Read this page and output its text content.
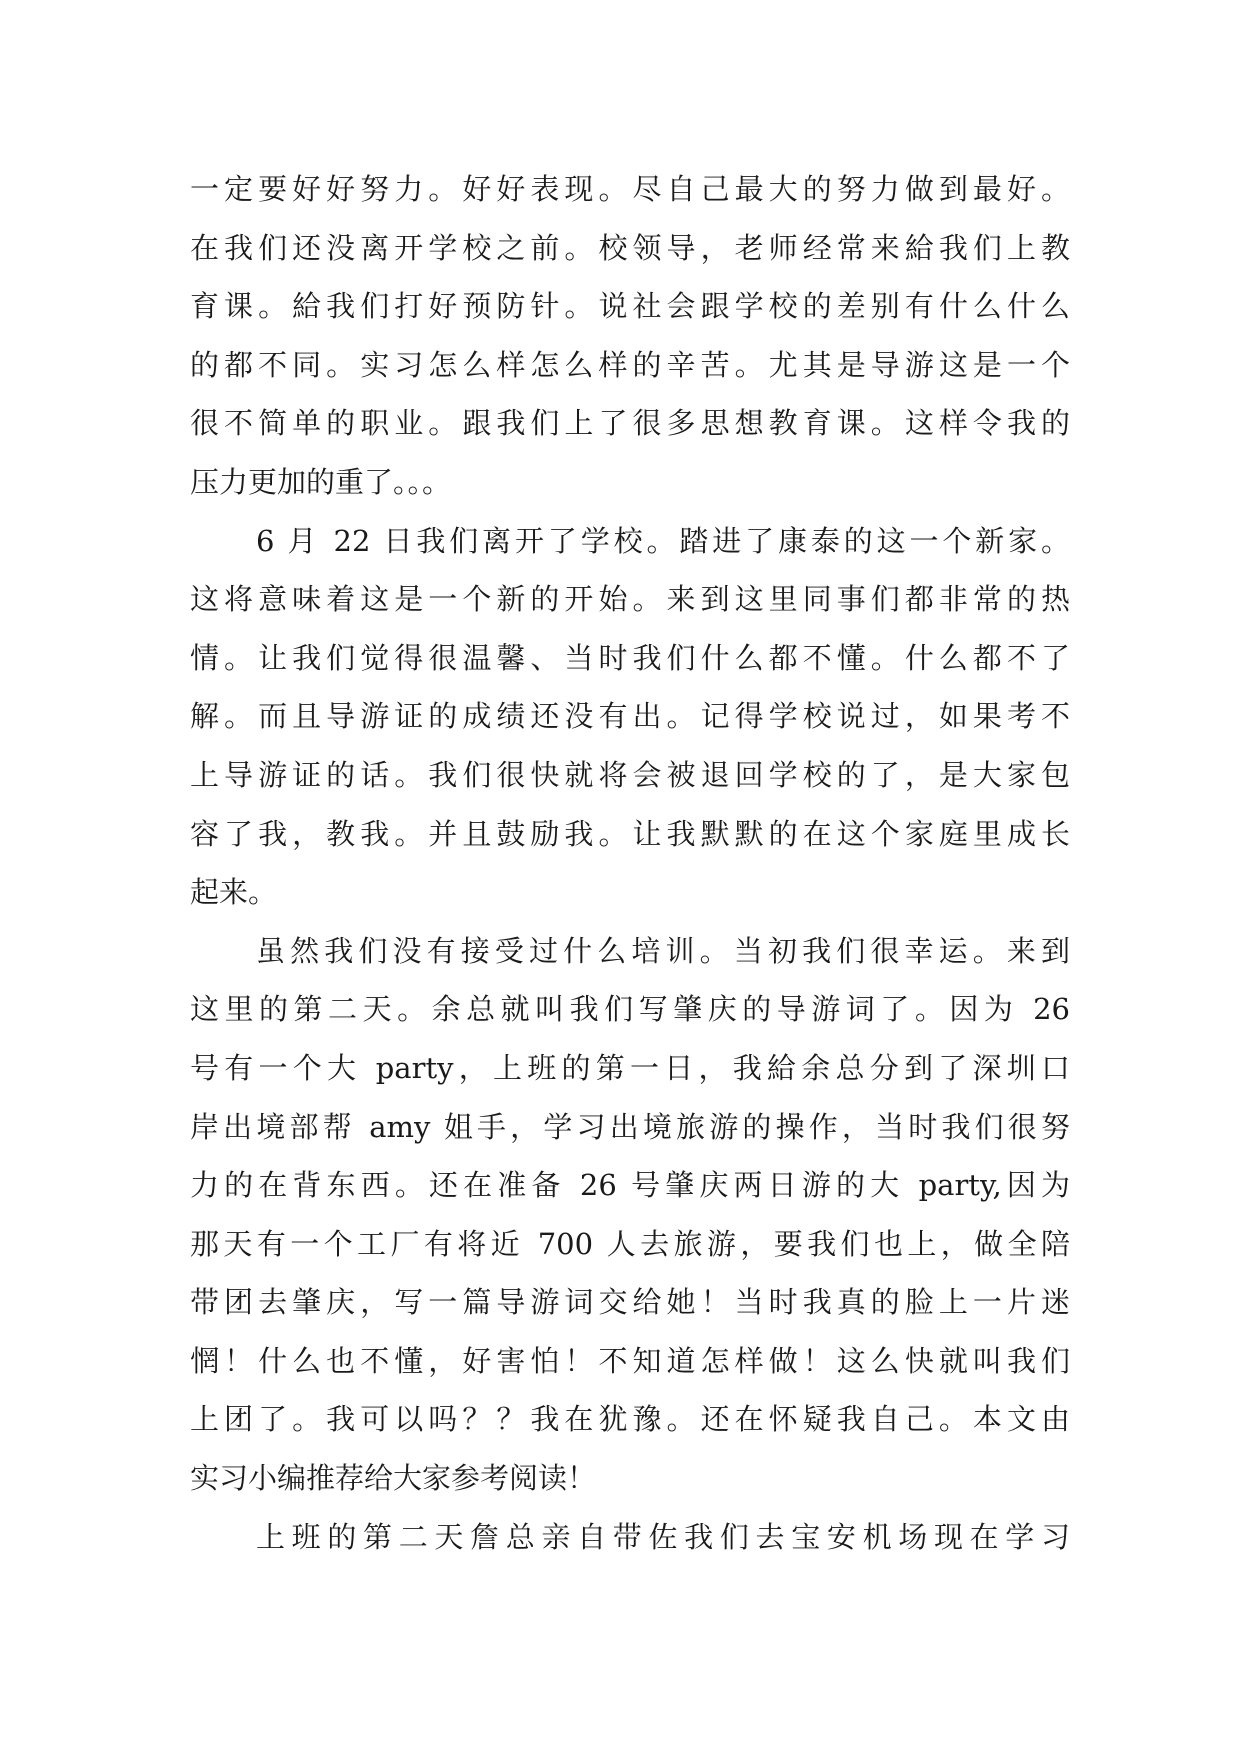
一定要好好努力。好好表现。尽自己最大的努力做到最好。
在我们还没离开学校之前。校领导，老师经常来給我们上教
育课。給我们打好预防针。说社会跟学校的差别有什么什么
的都不同。实习怎么样怎么样的辛苦。尤其是导游这是一个
很不简单的职业。跟我们上了很多思想教育课。这样令我的
压力更加的重了。。。
6 月 22 日我们离开了学校。踏进了康泰的这一个新家。
这将意味着这是一个新的开始。来到这里同事们都非常的热
情。让我们觉得很温馨、当时我们什么都不懂。什么都不了
解。而且导游证的成绩还没有出。记得学校说过，如果考不
上导游证的话。我们很快就将会被退回学校的了，是大家包
容了我，教我。并且鼓励我。让我默默的在这个家庭里成长
起来。
虽然我们没有接受过什么培训。当初我们很幸运。来到
这里的第二天。余总就叫我们写肇庆的导游词了。因为 26
号有一个大 party，上班的第一日，我給余总分到了深圳口
岸出境部帮 amy 姐手，学习出境旅游的操作，当时我们很努
力的在背东西。还在准备 26 号肇庆两日游的大 party,因为
那天有一个工厂有将近 700 人去旅游，要我们也上，做全陪
带团去肇庆，写一篇导游词交给她！当时我真的脸上一片迷
惘！什么也不懂，好害怕！不知道怎样做！这么快就叫我们
上团了。我可以吗？？我在犹豫。还在怀疑我自己。本文由
实习小编推荐给大家参考阅读！
上班的第二天詹总亲自带佐我们去宝安机场现在学习
